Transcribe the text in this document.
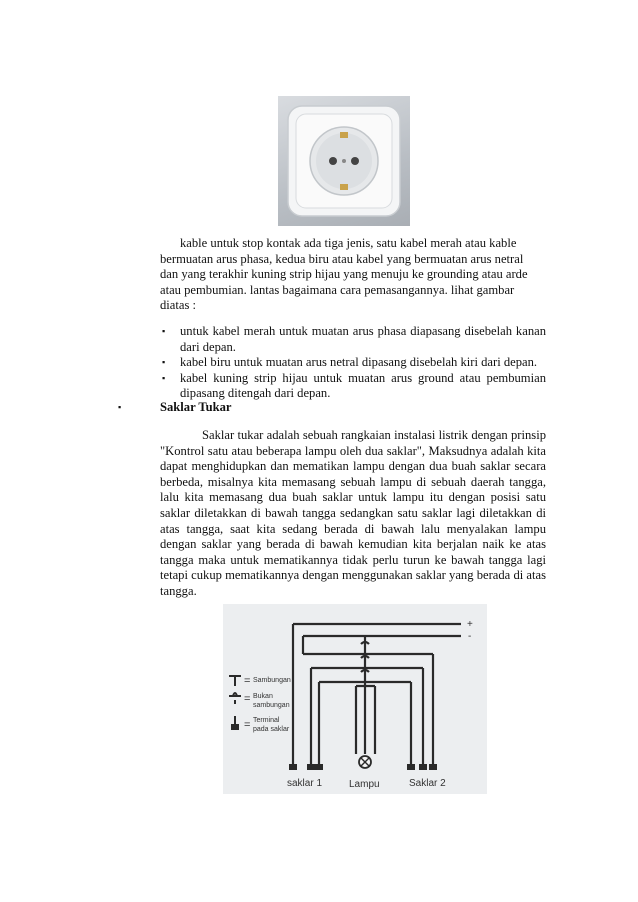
kable untuk stop kontak ada tiga jenis, satu kabel merah atau kable
bermuatan arus phasa, kedua biru atau kabel yang bermuatan arus netral
dan yang terakhir kuning strip hijau yang menuju ke grounding atau arde
atau pembumian. lantas bagaimana cara pemasangannya. lihat gambar
diatas :
▪ untuk kabel merah untuk muatan arus phasa diapasang disebelah kanan dari depan.
▪ kabel biru untuk muatan arus netral dipasang disebelah kiri dari depan.
▪ kabel kuning strip hijau untuk muatan arus ground atau pembumian dipasang ditengah dari depan.
▪	Saklar Tukar

Saklar tukar adalah sebuah rangkaian instalasi listrik dengan prinsip "Kontrol satu atau beberapa lampu oleh dua saklar", Maksudnya adalah kita dapat menghidupkan dan mematikan lampu dengan dua buah saklar secara berbeda, misalnya kita memasang sebuah lampu di sebuah daerah tangga, lalu kita memasang dua buah saklar untuk lampu itu dengan posisi satu saklar diletakkan di bawah tangga sedangkan satu saklar lagi diletakkan di atas tangga, saat kita sedang berada di bawah lalu menyalakan lampu dengan saklar yang berada di bawah kemudian kita berjalan naik ke atas tangga maka untuk mematikannya tidak perlu turun ke bawah tangga lagi tetapi cukup mematikannya dengan menggunakan saklar yang berada di atas tangga.

+
-
= Sambungan
= Bukan
sambungan
= Terminal
pada saklar
saklar 1	Lampu	Saklar 2
